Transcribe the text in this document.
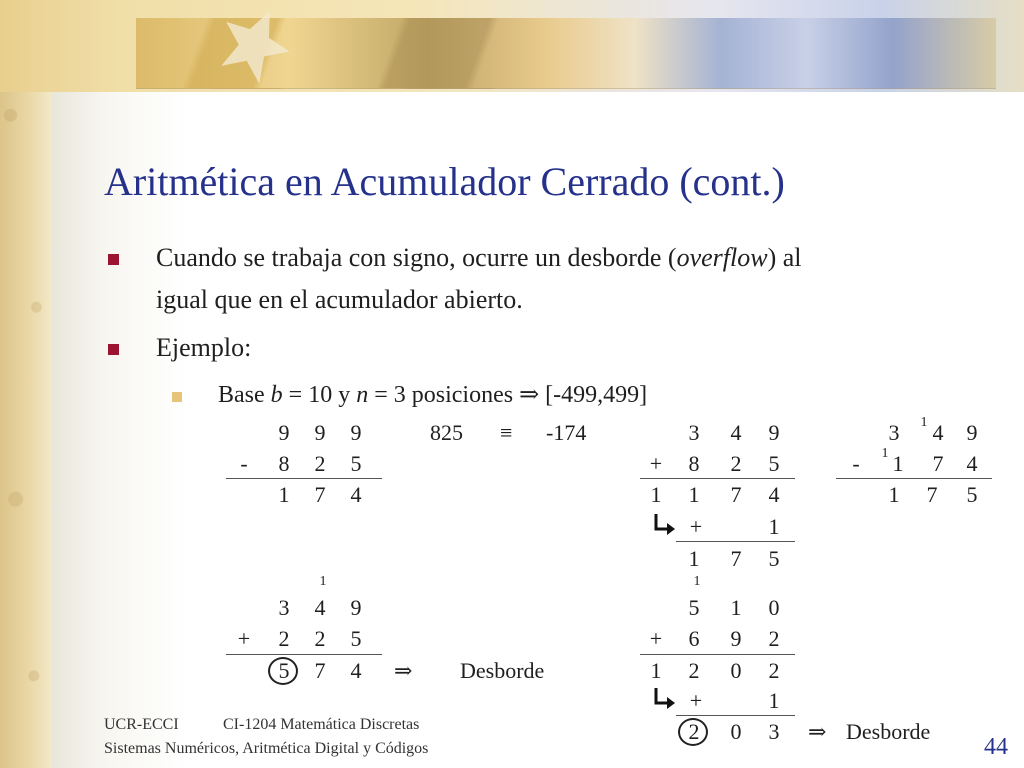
Aritmética en Acumulador Cerrado (cont.)
Cuando se trabaja con signo, ocurre un desborde (overflow) al
igual que en el acumulador abierto.
Ejemplo:
Base b = 10 y n = 3 posiciones ⇒ [-499,499]
9	9	9
-	8	2	5
1	7	4
825 ≡ -174	3	4	9
+	8	2	5
1	1	7	4
+	1
1	7	5
3	1 4	9
-	1 1	7	4
1	7	5
1
3	4	9
+	2	2	5
5	7	4	⇒ Desborde
1
5	1	0
+	6	9	2
1	2	0	2
+	1
2	0	3	⇒ Desborde
UCR-ECCI	CI-1204 Matemática Discretas
Sistemas Numéricos, Aritmética Digital y Códigos	44
